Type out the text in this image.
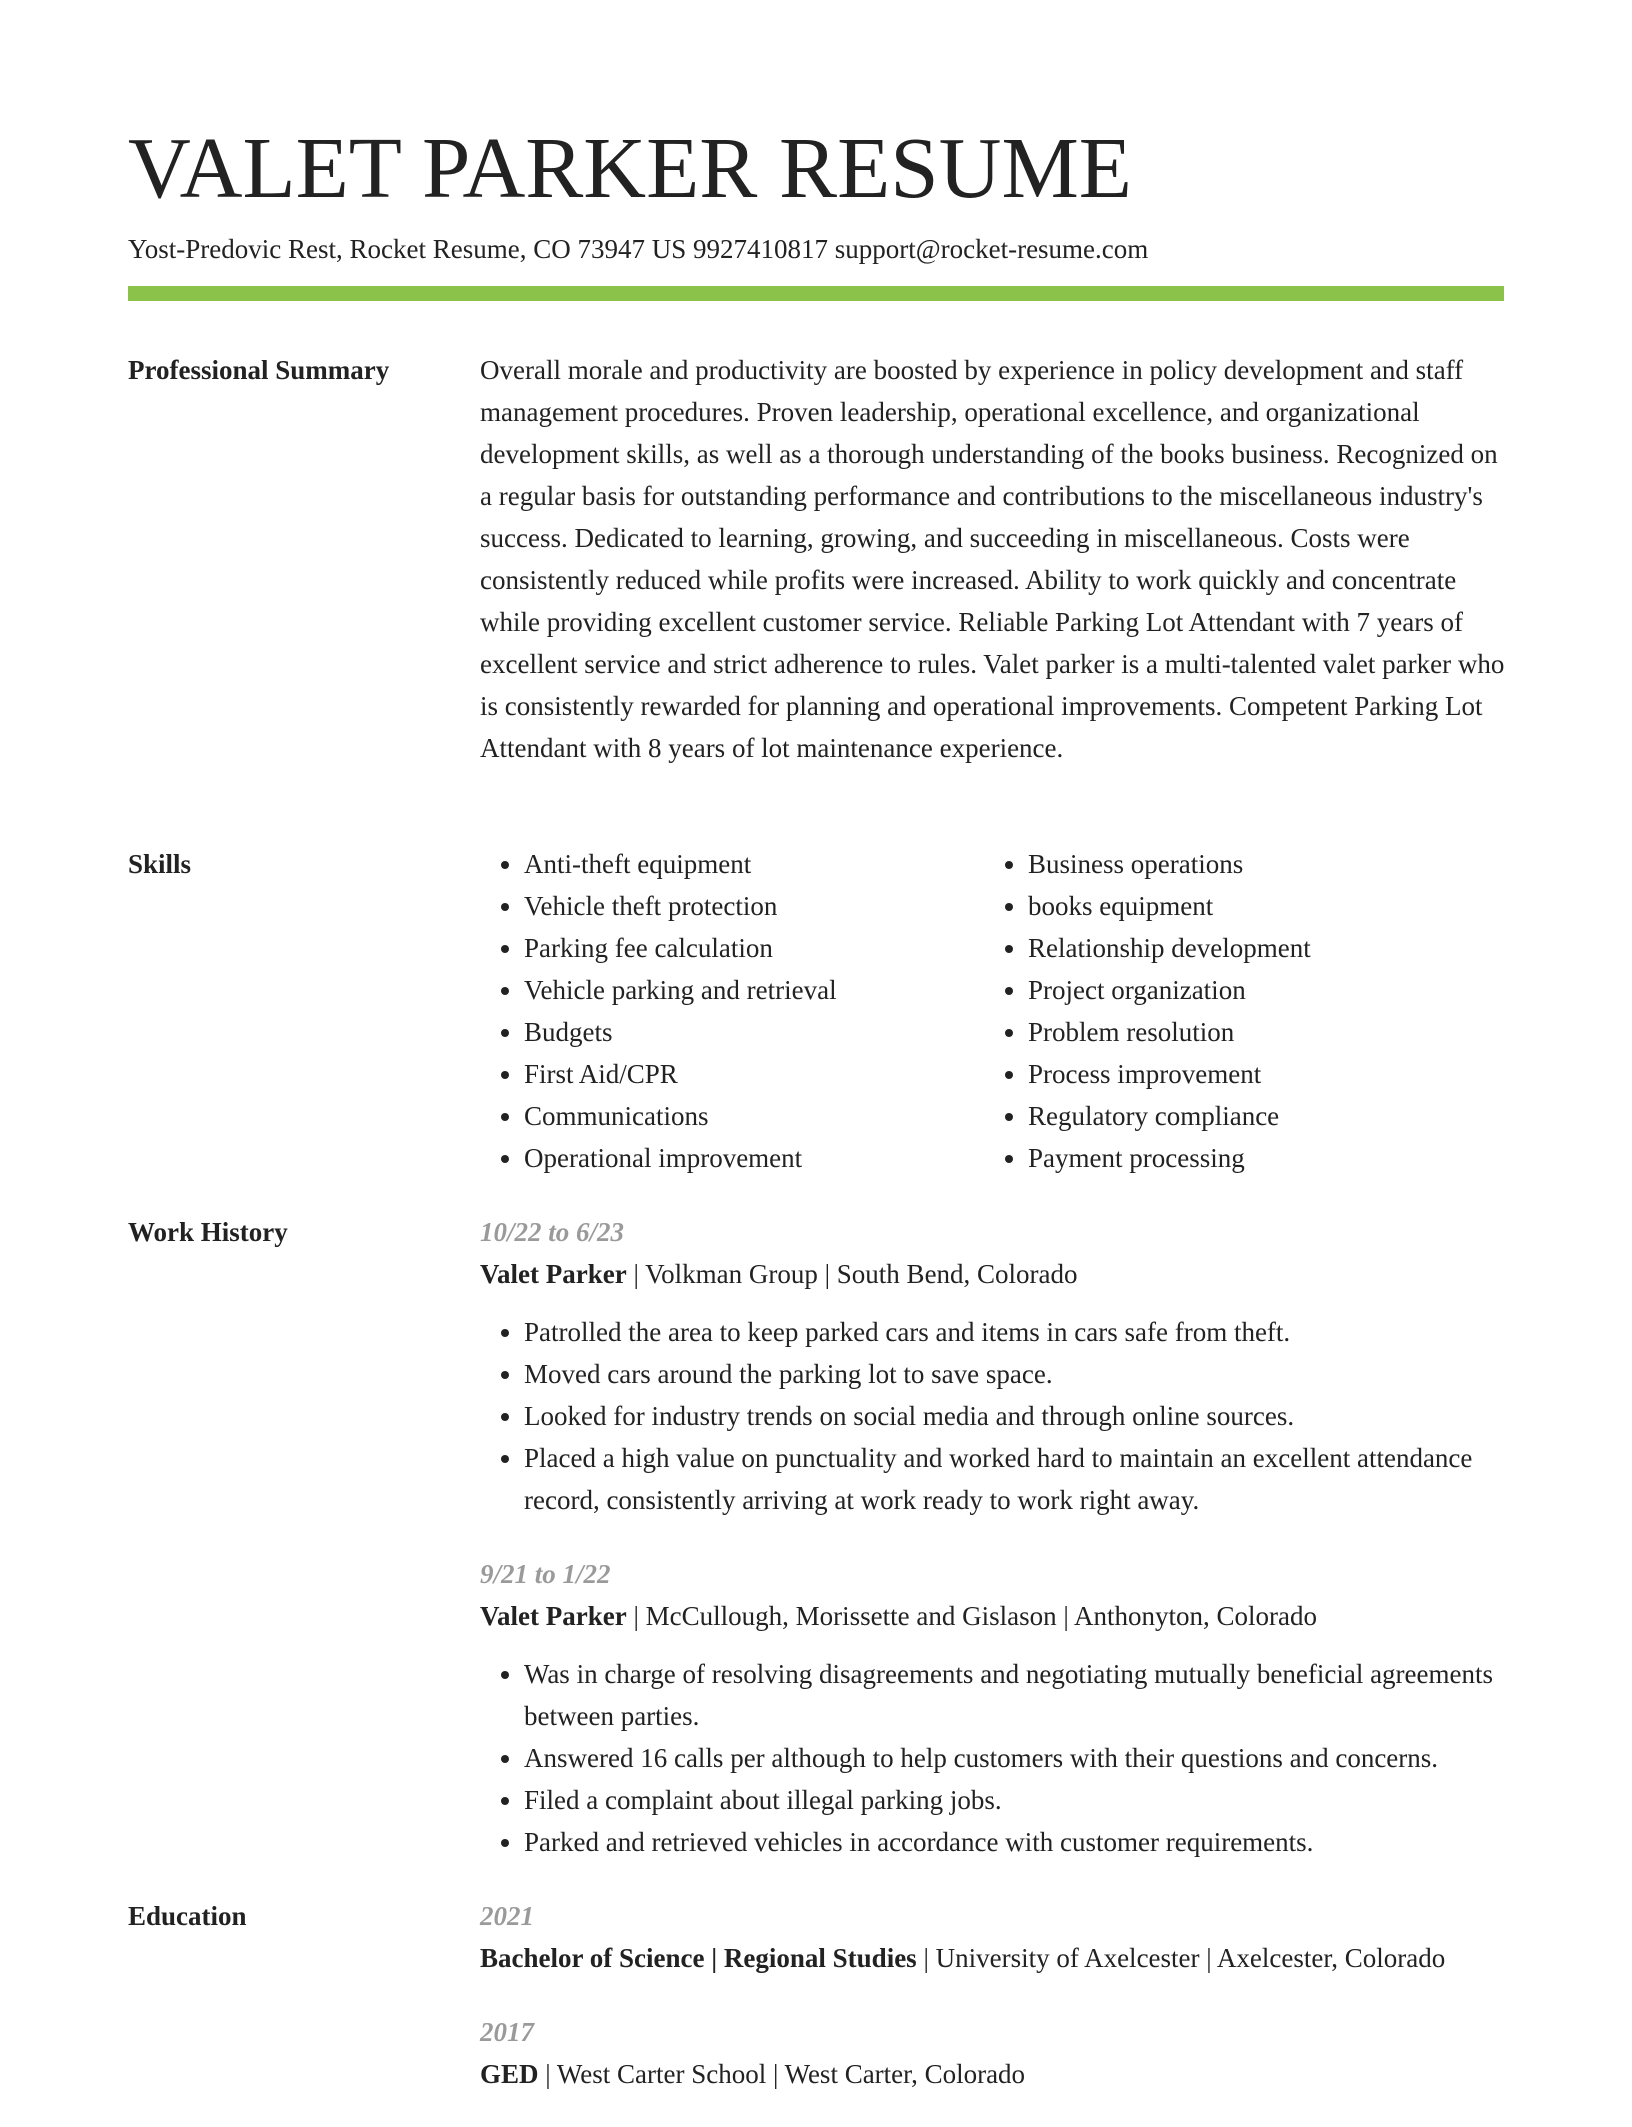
VALET PARKER RESUME
Yost-Predovic Rest, Rocket Resume, CO 73947 US 9927410817 support@rocket-resume.com
Professional Summary	Overall morale and productivity are boosted by experience in policy development and staff management procedures. Proven leadership, operational excellence, and organizational development skills, as well as a thorough understanding of the books business. Recognized on a regular basis for outstanding performance and contributions to the miscellaneous industry's success. Dedicated to learning, growing, and succeeding in miscellaneous. Costs were consistently reduced while profits were increased. Ability to work quickly and concentrate while providing excellent customer service. Reliable Parking Lot Attendant with 7 years of excellent service and strict adherence to rules. Valet parker is a multi-talented valet parker who is consistently rewarded for planning and operational improvements. Competent Parking Lot Attendant with 8 years of lot maintenance experience.

Skills
•	Anti-theft equipment
• Vehicle theft protection
• Parking fee calculation
• Vehicle parking and retrieval
• Budgets
• First Aid/CPR
• Communications
• Operational improvement
• Business operations
• books equipment
• Relationship development
• Project organization
• Problem resolution
• Process improvement
• Regulatory compliance
• Payment processing
Work History	10/22 to 6/23
Valet Parker | Volkman Group | South Bend, Colorado
• Patrolled the area to keep parked cars and items in cars safe from theft.
• Moved cars around the parking lot to save space.
• Looked for industry trends on social media and through online sources.
• Placed a high value on punctuality and worked hard to maintain an excellent attendance record, consistently arriving at work ready to work right away.
9/21 to 1/22
Valet Parker | McCullough, Morissette and Gislason | Anthonyton, Colorado
• Was in charge of resolving disagreements and negotiating mutually beneficial agreements between parties.
• Answered 16 calls per although to help customers with their questions and concerns.
• Filed a complaint about illegal parking jobs.
• Parked and retrieved vehicles in accordance with customer requirements.
Education	2021
Bachelor of Science | Regional Studies | University of Axelcester | Axelcester, Colorado
2017
GED | West Carter School | West Carter, Colorado
